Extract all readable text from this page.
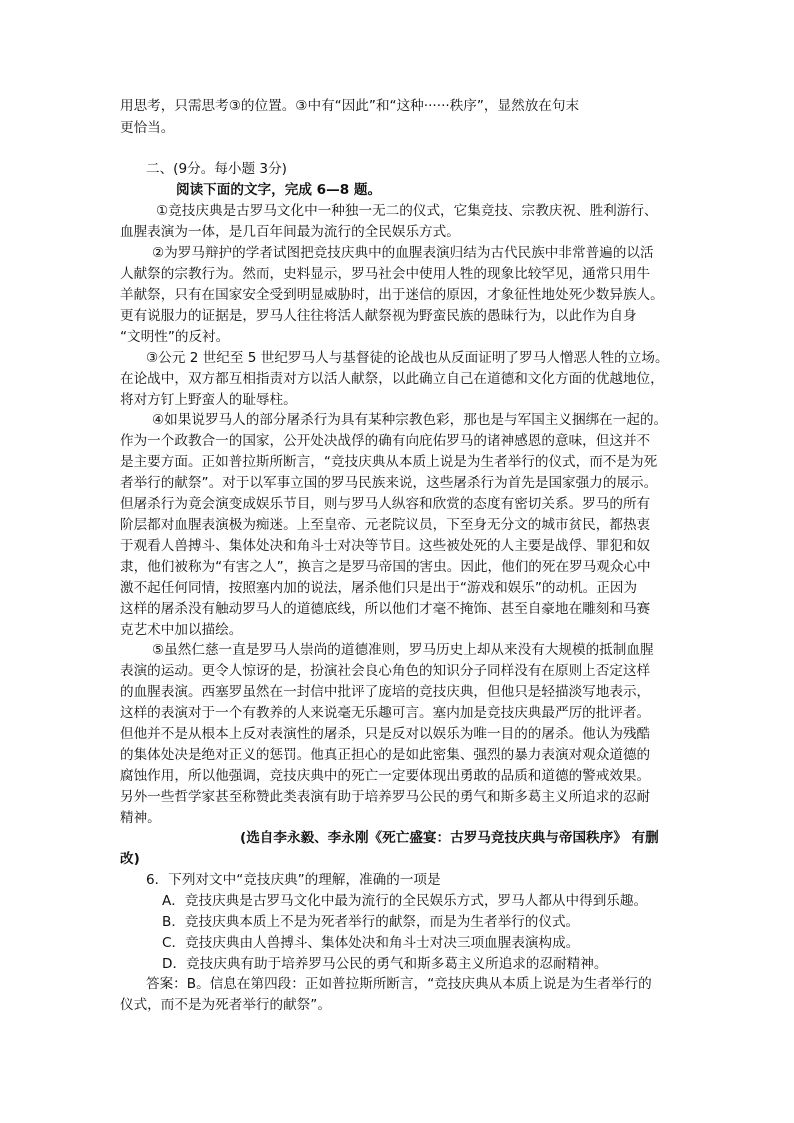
用思考，只需思考③的位置。③中有“因此”和“这种······秩序”，显然放在句末
更恰当。
二、(9分。每小题 3分)
阅读下面的文字，完成 6—8 题。
①竞技庆典是古罗马文化中一种独一无二的仪式，它集竞技、宗教庆祝、胜利游行、
血腥表演为一体，是几百年间最为流行的全民娱乐方式。
②为罗马辩护的学者试图把竞技庆典中的血腥表演归结为古代民族中非常普遍的以活
人献祭的宗教行为。然而，史料显示，罗马社会中使用人牲的现象比较罕见，通常只用牛
羊献祭，只有在国家安全受到明显威胁时，出于迷信的原因，才象征性地处死少数异族人。
更有说服力的证据是，罗马人往往将活人献祭视为野蛮民族的愚昧行为，以此作为自身
“文明性”的反衬。
③公元 2 世纪至 5 世纪罗马人与基督徒的论战也从反面证明了罗马人憎恶人牲的立场。
在论战中，双方都互相指责对方以活人献祭，以此确立自己在道德和文化方面的优越地位，
将对方钉上野蛮人的耻辱柱。
④如果说罗马人的部分屠杀行为具有某种宗教色彩，那也是与军国主义捆绑在一起的。
作为一个政教合一的国家，公开处决战俘的确有向庇佑罗马的诸神感恩的意味，但这并不
是主要方面。正如普拉斯所断言，“竞技庆典从本质上说是为生者举行的仪式，而不是为死
者举行的献祭”。对于以军事立国的罗马民族来说，这些屠杀行为首先是国家强力的展示。
但屠杀行为竟会演变成娱乐节目，则与罗马人纵容和欣赏的态度有密切关系。罗马的所有
阶层都对血腥表演极为痴迷。上至皇帝、元老院议员，下至身无分文的城市贫民，都热衷
于观看人兽搏斗、集体处决和角斗士对决等节目。这些被处死的人主要是战俘、罪犯和奴
隶，他们被称为“有害之人”，换言之是罗马帝国的害虫。因此，他们的死在罗马观众心中
激不起任何同情，按照塞内加的说法，屠杀他们只是出于“游戏和娱乐”的动机。正因为
这样的屠杀没有触动罗马人的道德底线，所以他们才毫不掩饰、甚至自豪地在雕刻和马赛
克艺术中加以描绘。
⑤虽然仁慈一直是罗马人崇尚的道德准则，罗马历史上却从来没有大规模的抵制血腥
表演的运动。更令人惊讶的是，扮演社会良心角色的知识分子同样没有在原则上否定这样
的血腥表演。西塞罗虽然在一封信中批评了庞培的竞技庆典，但他只是轻描淡写地表示，
这样的表演对于一个有教养的人来说毫无乐趣可言。塞内加是竞技庆典最严厉的批评者。
但他并不是从根本上反对表演性的屠杀，只是反对以娱乐为唯一目的的屠杀。他认为残酷
的集体处决是绝对正义的惩罚。他真正担心的是如此密集、强烈的暴力表演对观众道德的
腐蚀作用，所以他强调，竞技庆典中的死亡一定要体现出勇敢的品质和道德的警戒效果。
另外一些哲学家甚至称赞此类表演有助于培养罗马公民的勇气和斯多葛主义所追求的忍耐
精神。
(选自李永毅、李永刚《死亡盛宴：古罗马竞技庆典与帝国秩序》 有删
改)
6．下列对文中“竞技庆典”的理解，准确的一项是
A．竞技庆典是古罗马文化中最为流行的全民娱乐方式，罗马人都从中得到乐趣。
B．竞技庆典本质上不是为死者举行的献祭，而是为生者举行的仪式。
C．竞技庆典由人兽搏斗、集体处决和角斗士对决三项血腥表演构成。
D．竞技庆典有助于培养罗马公民的勇气和斯多葛主义所追求的忍耐精神。
答案：B。信息在第四段：正如普拉斯所断言，“竞技庆典从本质上说是为生者举行的
仪式，而不是为死者举行的献祭”。
